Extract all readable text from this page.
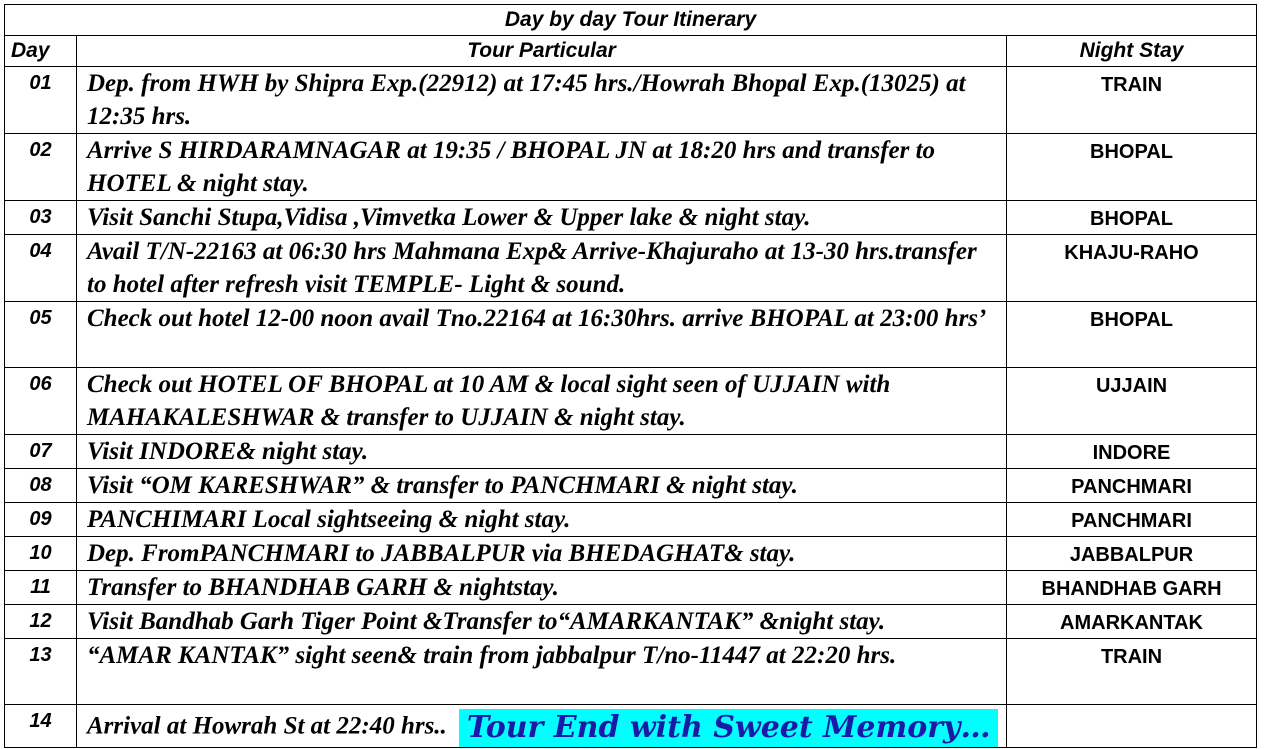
Day by day Tour Itinerary		
Day	Tour Particular	Night Stay
01	Dep. from HWH by Shipra Exp.(22912) at 17:45 hrs./Howrah Bhopal Exp.(13025) at 12:35 hrs.	TRAIN
02	Arrive S HIRDARAMNAGAR at 19:35 / BHOPAL JN at 18:20 hrs and transfer to HOTEL & night stay.	BHOPAL
03	Visit Sanchi Stupa,Vidisa ,Vimvetka Lower & Upper lake & night stay.	BHOPAL
04	Avail T/N-22163 at 06:30 hrs Mahmana Exp& Arrive-Khajuraho at 13-30 hrs.transfer to hotel after refresh visit TEMPLE- Light & sound.	KHAJU-RAHO
05	Check out hotel 12-00 noon avail Tno.22164 at 16:30hrs. arrive BHOPAL at 23:00 hrs’	BHOPAL
06	Check out HOTEL OF BHOPAL at 10 AM & local sight seen of UJJAIN with MAHAKALESHWAR & transfer to UJJAIN & night stay.	UJJAIN
07	Visit INDORE& night stay.	INDORE
08	Visit “OM KARESHWAR” & transfer to PANCHMARI & night stay.	PANCHMARI
09	PANCHIMARI Local sightseeing & night stay.	PANCHMARI
10	Dep. FromPANCHMARI to JABBALPUR via BHEDAGHAT& stay.	JABBALPUR
11	Transfer to BHANDHAB GARH & nightstay.	BHANDHAB GARH
12	Visit Bandhab Garh Tiger Point &Transfer to“AMARKANTAK” &night stay.	AMARKANTAK
13	“AMAR KANTAK” sight seen& train from jabbalpur T/no-11447 at 22:20 hrs.	TRAIN
14	Arrival at Howrah St at 22:40 hrs.. Tour End with Sweet Memory…	
